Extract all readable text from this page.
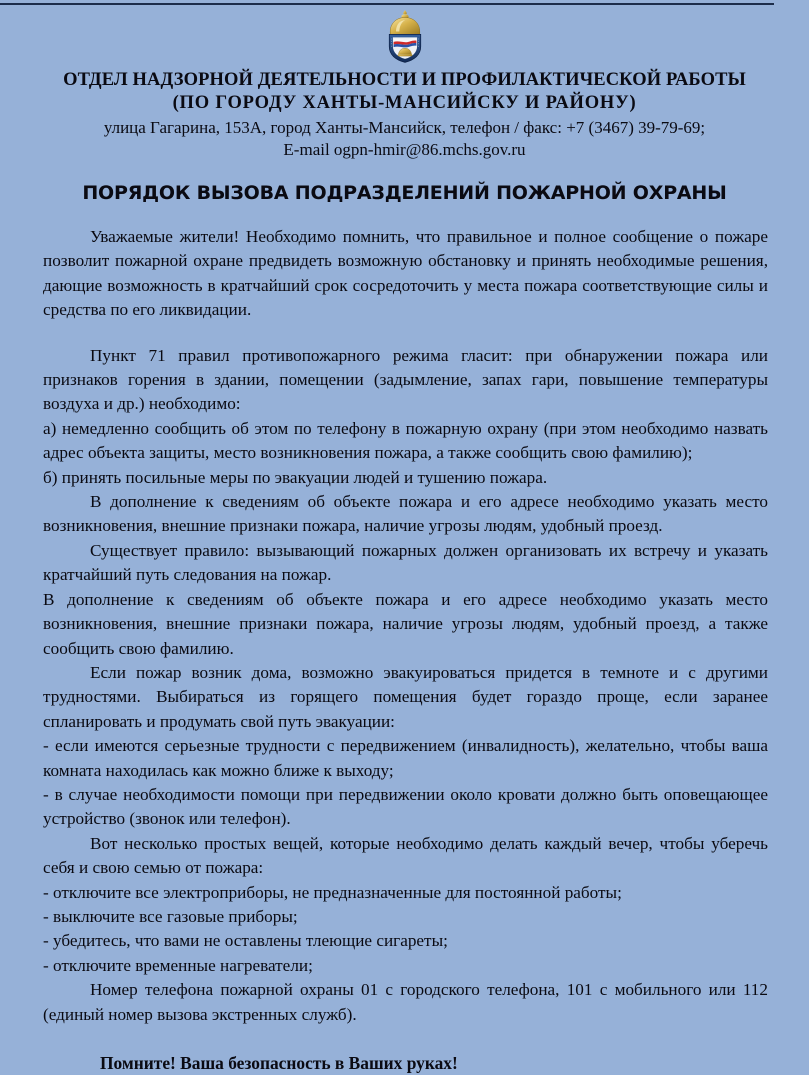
ОТДЕЛ НАДЗОРНОЙ ДЕЯТЕЛЬНОСТИ И ПРОФИЛАКТИЧЕСКОЙ РАБОТЫ
(ПО ГОРОДУ ХАНТЫ-МАНСИЙСКУ И РАЙОНУ)
улица Гагарина, 153А, город Ханты-Мансийск, телефон / факс: +7 (3467) 39-79-69;
E-mail ogpn-hmir@86.mchs.gov.ru
ПОРЯДОК ВЫЗОВА ПОДРАЗДЕЛЕНИЙ ПОЖАРНОЙ ОХРАНЫ

Уважаемые жители! Необходимо помнить, что правильное и полное сообщение о пожаре позволит пожарной охране предвидеть возможную обстановку и принять необходимые решения, дающие возможность в кратчайший срок сосредоточить у места пожара соответствующие силы и средства по его ликвидации.

Пункт 71 правил противопожарного режима гласит: при обнаружении пожара или признаков горения в здании, помещении (задымление, запах гари, повышение температуры воздуха и др.) необходимо:

а) немедленно сообщить об этом по телефону в пожарную охрану (при этом необходимо назвать адрес объекта защиты, место возникновения пожара, а также сообщить свою фамилию);

б) принять посильные меры по эвакуации людей и тушению пожара.

В дополнение к сведениям об объекте пожара и его адресе необходимо указать место возникновения, внешние признаки пожара, наличие угрозы людям, удобный проезд.

Существует правило: вызывающий пожарных должен организовать их встречу и указать кратчайший путь следования на пожар.

В дополнение к сведениям об объекте пожара и его адресе необходимо указать место возникновения, внешние признаки пожара, наличие угрозы людям, удобный проезд, а также сообщить свою фамилию.

Если пожар возник дома, возможно эвакуироваться придется в темноте и с другими трудностями. Выбираться из горящего помещения будет гораздо проще, если заранее спланировать и продумать свой путь эвакуации:

- если имеются серьезные трудности с передвижением (инвалидность), желательно, чтобы ваша комната находилась как можно ближе к выходу;

- в случае необходимости помощи при передвижении около кровати должно быть оповещающее устройство (звонок или телефон).

Вот несколько простых вещей, которые необходимо делать каждый вечер, чтобы уберечь себя и свою семью от пожара:

- отключите все электроприборы, не предназначенные для постоянной работы;

- выключите все газовые приборы;

- убедитесь, что вами не оставлены тлеющие сигареты;

- отключите временные нагреватели;

Номер телефона пожарной охраны 01 с городского телефона, 101 с мобильного или 112 (единый номер вызова экстренных служб).

Помните! Ваша безопасность в Ваших руках!
